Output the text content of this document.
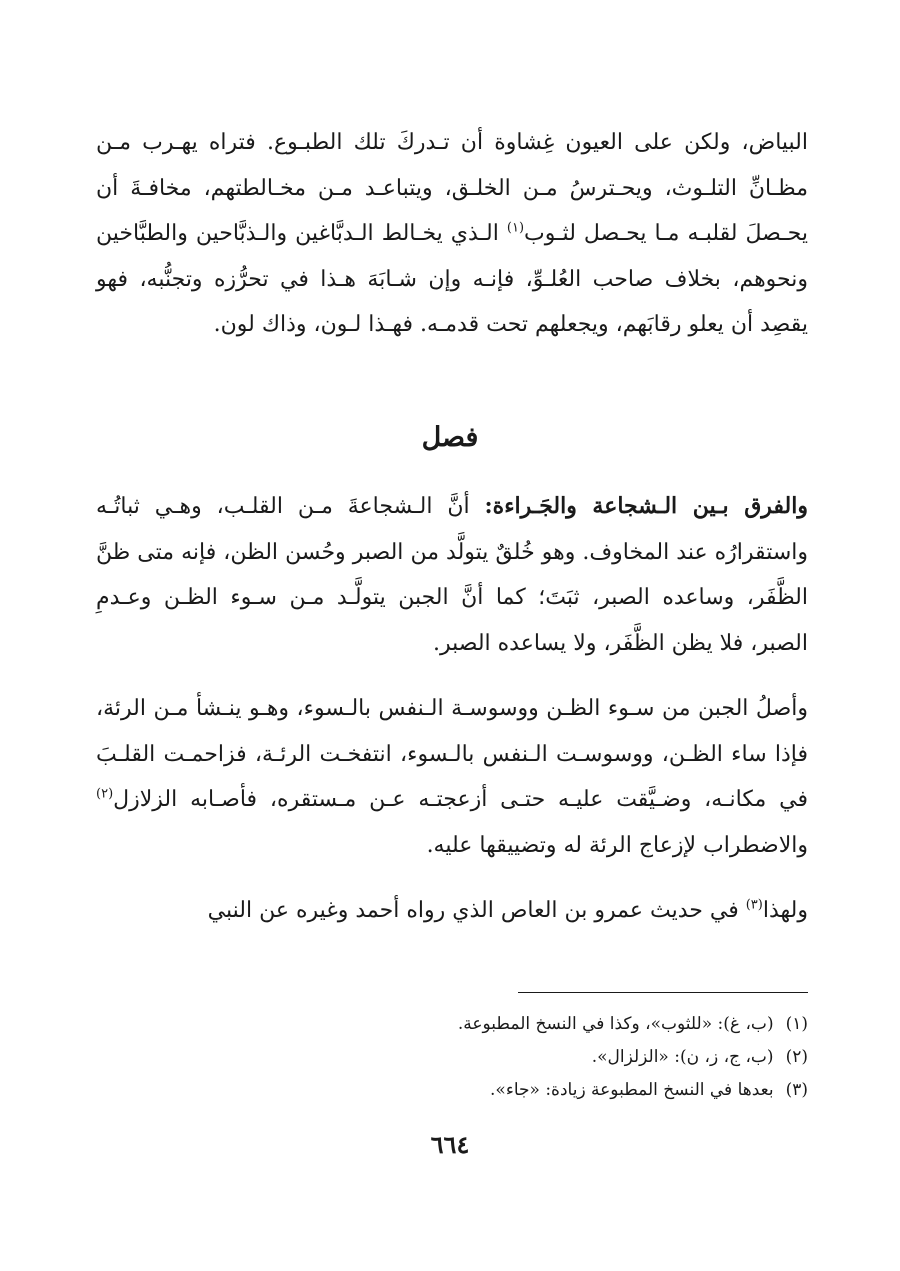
البياض، ولكن على العيون غِشاوة أن تـدركَ تلك الطبـوع. فتراه يهـرب مـن مظـانِّ التلـوث، ويحـترسُ مـن الخلـق، ويتباعـد مـن مخـالطتهم، مخافـةَ أن يحـصلَ لقلبـه مـا يحـصل لثـوب$^{(١)}$ الـذي يخـالط الـدبَّاغين والـذبَّاحين والطبَّاخين ونحوهم، بخلاف صاحب العُلـوِّ، فإنـه وإن شـابَهَ هـذا في تحرُّزه وتجنُّبه، فهو يقصِد أن يعلو رقابَهم، ويجعلهم تحت قدمـه. فهـذا لـون، وذاك لون.

فصل

والفرق بـين الـشجاعة والجَـراءة: أنَّ الـشجاعةَ مـن القلـب، وهـي ثباتُـه واستقرارُه عند المخاوف. وهو خُلقٌ يتولَّد من الصبر وحُسن الظن، فإنه متى ظنَّ الظَّفَر، وساعده الصبر، ثبَتَ؛ كما أنَّ الجبن يتولَّـد مـن سـوء الظـن وعـدمِ الصبر، فلا يظن الظَّفَر، ولا يساعده الصبر.

وأصلُ الجبن من سـوء الظـن ووسوسـة الـنفس بالـسوء، وهـو ينـشأ مـن الرئة، فإذا ساء الظـن، ووسوسـت الـنفس بالـسوء، انتفخـت الرئـة، فزاحمـت القلـبَ في مكانـه، وضـيَّقت عليـه حتـى أزعجتـه عـن مـستقره، فأصـابه الزلازل$^{(٢)}$ والاضطراب لإزعاج الرئة له وتضييقها عليه.

ولهذا$^{(٣)}$ في حديث عمرو بن العاص الذي رواه أحمد وغيره عن النبي

(١)(ب، غ): «للثوب»، وكذا في النسخ المطبوعة.

(٢)(ب، ج، ز، ن): «الزلزال».

(٣)بعدها في النسخ المطبوعة زيادة: «جاء».

٦٦٤
